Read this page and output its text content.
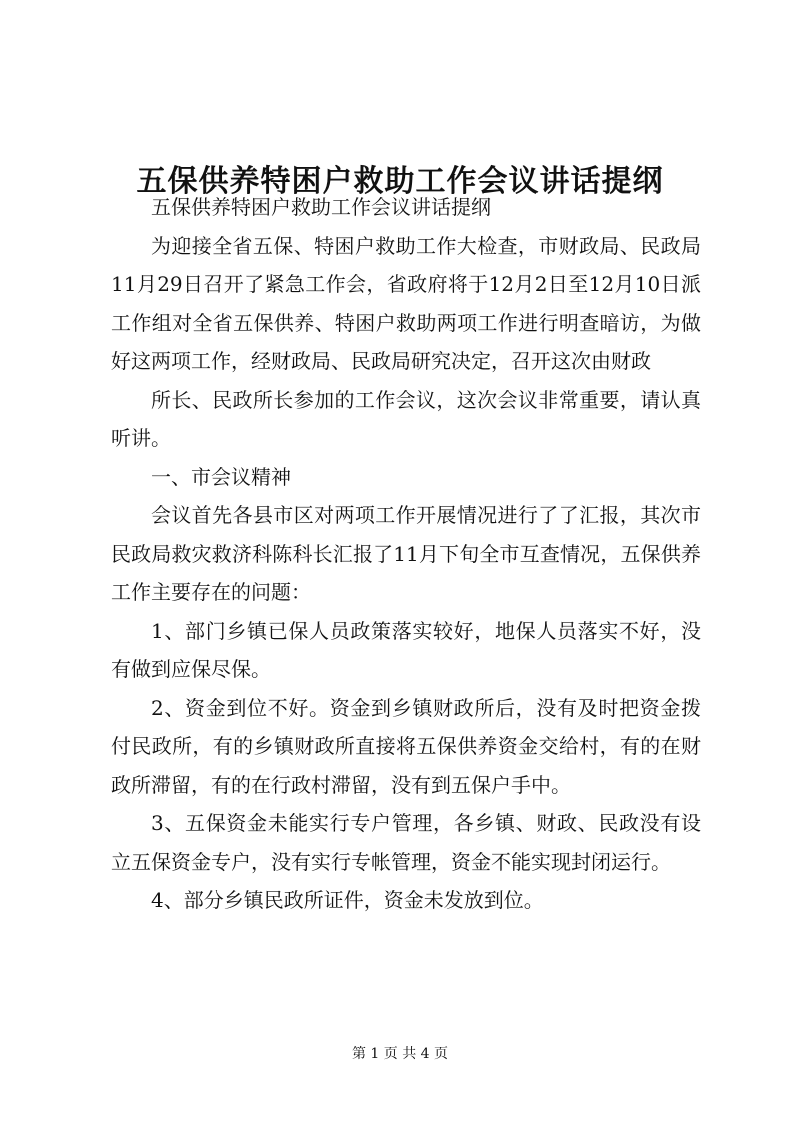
五保供养特困户救助工作会议讲话提纲

五保供养特困户救助工作会议讲话提纲

为迎接全省五保、特困户救助工作大检查，市财政局、民政局11月29日召开了紧急工作会，省政府将于12月2日至12月10日派工作组对全省五保供养、特困户救助两项工作进行明查暗访，为做好这两项工作，经财政局、民政局研究决定，召开这次由财政

所长、民政所长参加的工作会议，这次会议非常重要，请认真听讲。

一、市会议精神

会议首先各县市区对两项工作开展情况进行了了汇报，其次市民政局救灾救济科陈科长汇报了11月下旬全市互查情况，五保供养工作主要存在的问题：

1、部门乡镇已保人员政策落实较好，地保人员落实不好，没有做到应保尽保。

2、资金到位不好。资金到乡镇财政所后，没有及时把资金拨付民政所，有的乡镇财政所直接将五保供养资金交给村，有的在财政所滞留，有的在行政村滞留，没有到五保户手中。

3、五保资金未能实行专户管理，各乡镇、财政、民政没有设立五保资金专户，没有实行专帐管理，资金不能实现封闭运行。

4、部分乡镇民政所证件，资金未发放到位。

第 1 页 共 4 页
